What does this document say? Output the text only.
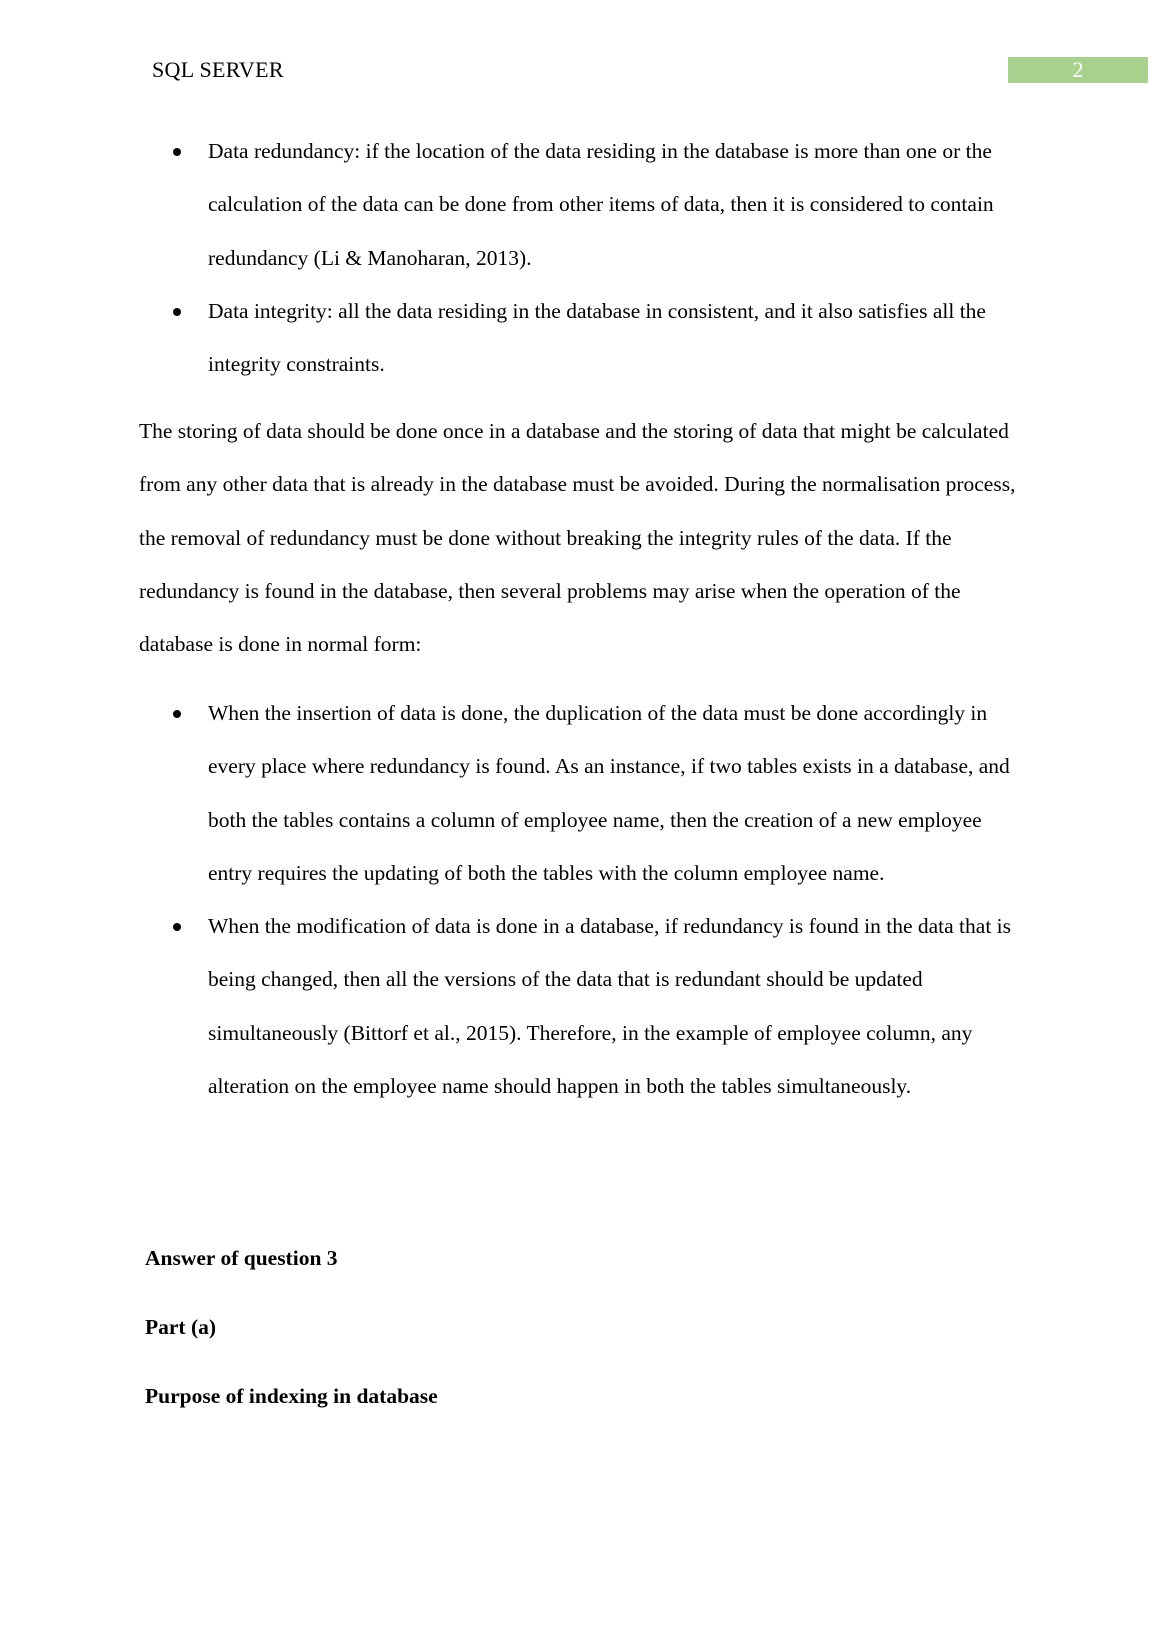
SQL SERVER	2
Data redundancy: if the location of the data residing in the database is more than one or the calculation of the data can be done from other items of data, then it is considered to contain redundancy (Li & Manoharan, 2013).
Data integrity: all the data residing in the database in consistent, and it also satisfies all the integrity constraints.

The storing of data should be done once in a database and the storing of data that might be calculated from any other data that is already in the database must be avoided. During the normalisation process, the removal of redundancy must be done without breaking the integrity rules of the data. If the redundancy is found in the database, then several problems may arise when the operation of the database is done in normal form:

When the insertion of data is done, the duplication of the data must be done accordingly in every place where redundancy is found. As an instance, if two tables exists in a database, and both the tables contains a column of employee name, then the creation of a new employee entry requires the updating of both the tables with the column employee name.
When the modification of data is done in a database, if redundancy is found in the data that is being changed, then all the versions of the data that is redundant should be updated simultaneously (Bittorf et al., 2015). Therefore, in the example of employee column, any alteration on the employee name should happen in both the tables simultaneously.
Answer of question 3
Part (a)
Purpose of indexing in database
